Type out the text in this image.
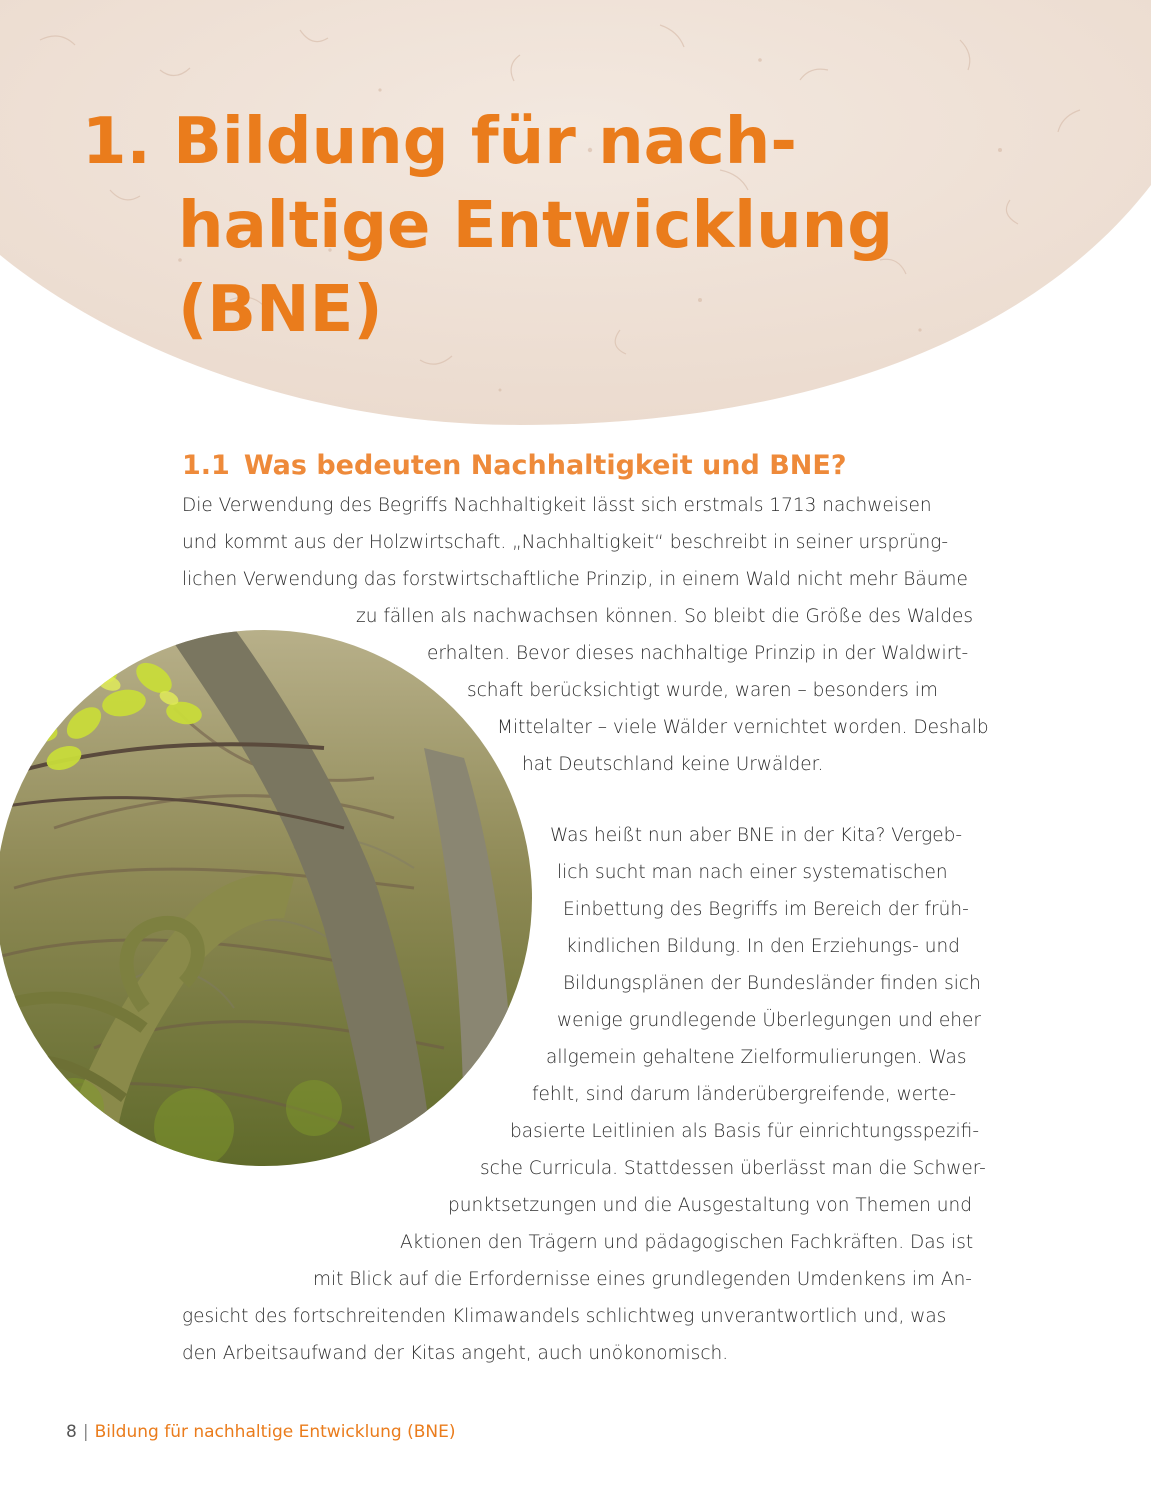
1. Bildung für nach-
haltige Entwicklung
(BNE)
1.1 Was bedeuten Nachhaltigkeit und BNE?
Die Verwendung des Begriffs Nachhaltigkeit lässt sich erstmals 1713 nachweisen
und kommt aus der Holzwirtschaft. „Nachhaltigkeit“ beschreibt in seiner ursprüng-
lichen Verwendung das forstwirtschaftliche Prinzip, in einem Wald nicht mehr Bäume
zu fällen als nachwachsen können. So bleibt die Größe des Waldes
erhalten. Bevor dieses nachhaltige Prinzip in der Waldwirt-
schaft berücksichtigt wurde, waren – besonders im
Mittelalter – viele Wälder vernichtet worden. Deshalb
hat Deutschland keine Urwälder.
Was heißt nun aber BNE in der Kita? Vergeb-
lich sucht man nach einer systematischen
Einbettung des Begriffs im Bereich der früh-
kindlichen Bildung. In den Erziehungs- und
Bildungsplänen der Bundesländer finden sich
wenige grundlegende Überlegungen und eher
allgemein gehaltene Zielformulierungen. Was
fehlt, sind darum länderübergreifende, werte-
basierte Leitlinien als Basis für einrichtungsspezifi-
sche Curricula. Stattdessen überlässt man die Schwer-
punktsetzungen und die Ausgestaltung von Themen und
Aktionen den Trägern und pädagogischen Fachkräften. Das ist
mit Blick auf die Erfordernisse eines grundlegenden Umdenkens im An-
gesicht des fortschreitenden Klimawandels schlichtweg unverantwortlich und, was
den Arbeitsaufwand der Kitas angeht, auch unökonomisch.
8 | Bildung für nachhaltige Entwicklung (BNE)
